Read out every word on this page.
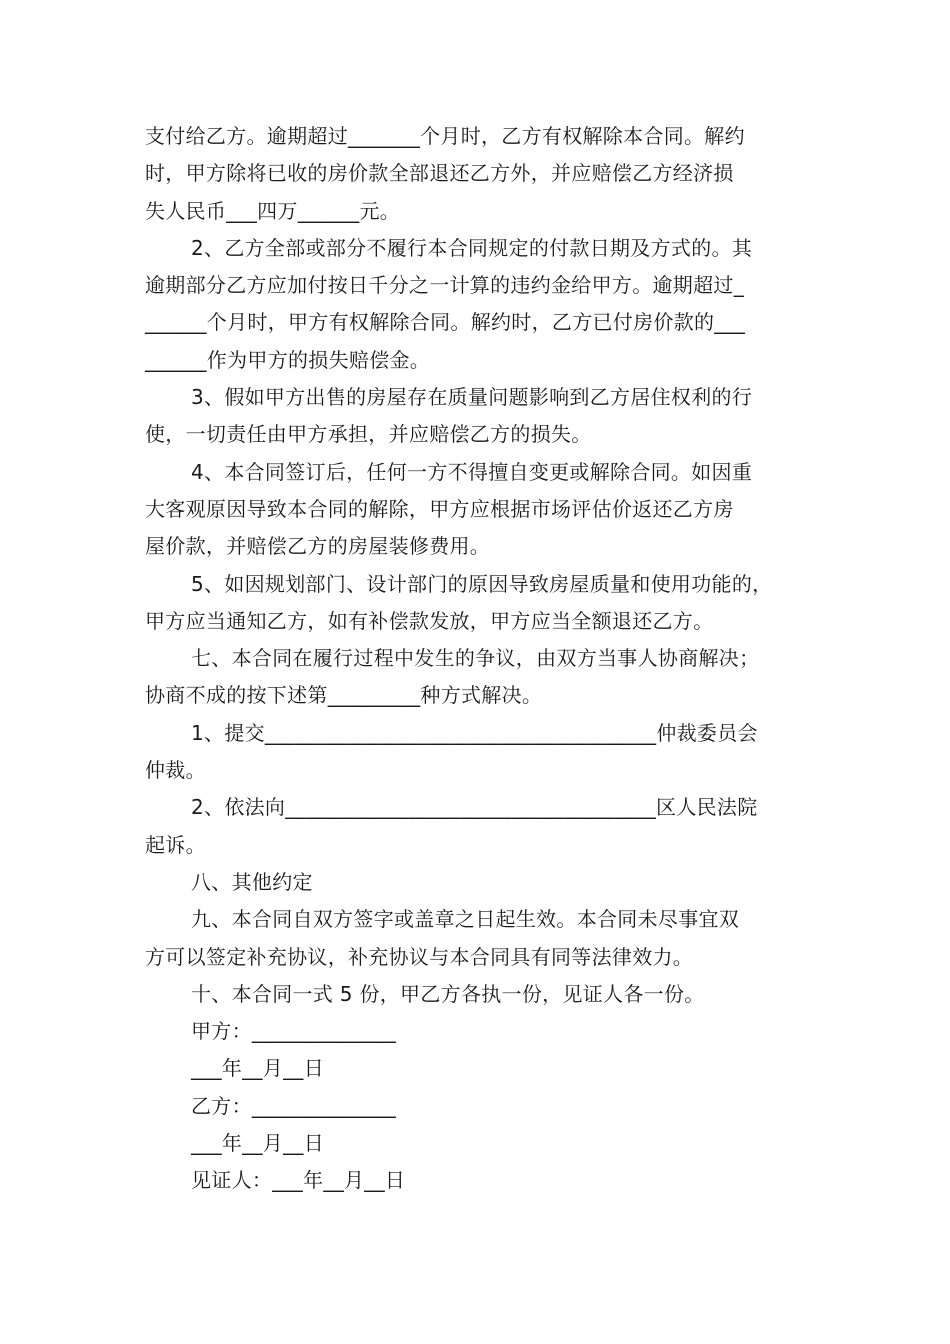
支付给乙方。逾期超过_______个月时，乙方有权解除本合同。解约
时，甲方除将已收的房价款全部退还乙方外，并应赔偿乙方经济损
失人民币___四万______元。
2、乙方全部或部分不履行本合同规定的付款日期及方式的。其
逾期部分乙方应加付按日千分之一计算的违约金给甲方。逾期超过_
______个月时，甲方有权解除合同。解约时，乙方已付房价款的___
______作为甲方的损失赔偿金。
3、假如甲方出售的房屋存在质量问题影响到乙方居住权利的行
使，一切责任由甲方承担，并应赔偿乙方的损失。
4、本合同签订后，任何一方不得擅自变更或解除合同。如因重
大客观原因导致本合同的解除，甲方应根据市场评估价返还乙方房
屋价款，并赔偿乙方的房屋装修费用。
5、如因规划部门、设计部门的原因导致房屋质量和使用功能的，
甲方应当通知乙方，如有补偿款发放，甲方应当全额退还乙方。
七、本合同在履行过程中发生的争议，由双方当事人协商解决；
协商不成的按下述第_________种方式解决。
1、提交______________________________________仲裁委员会
仲裁。
2、依法向____________________________________区人民法院
起诉。
八、其他约定
九、本合同自双方签字或盖章之日起生效。本合同未尽事宜双
方可以签定补充协议，补充协议与本合同具有同等法律效力。
十、本合同一式 5 份，甲乙方各执一份，见证人各一份。
甲方：______________
___年__月__日
乙方：______________
___年__月__日
见证人：___年__月__日
